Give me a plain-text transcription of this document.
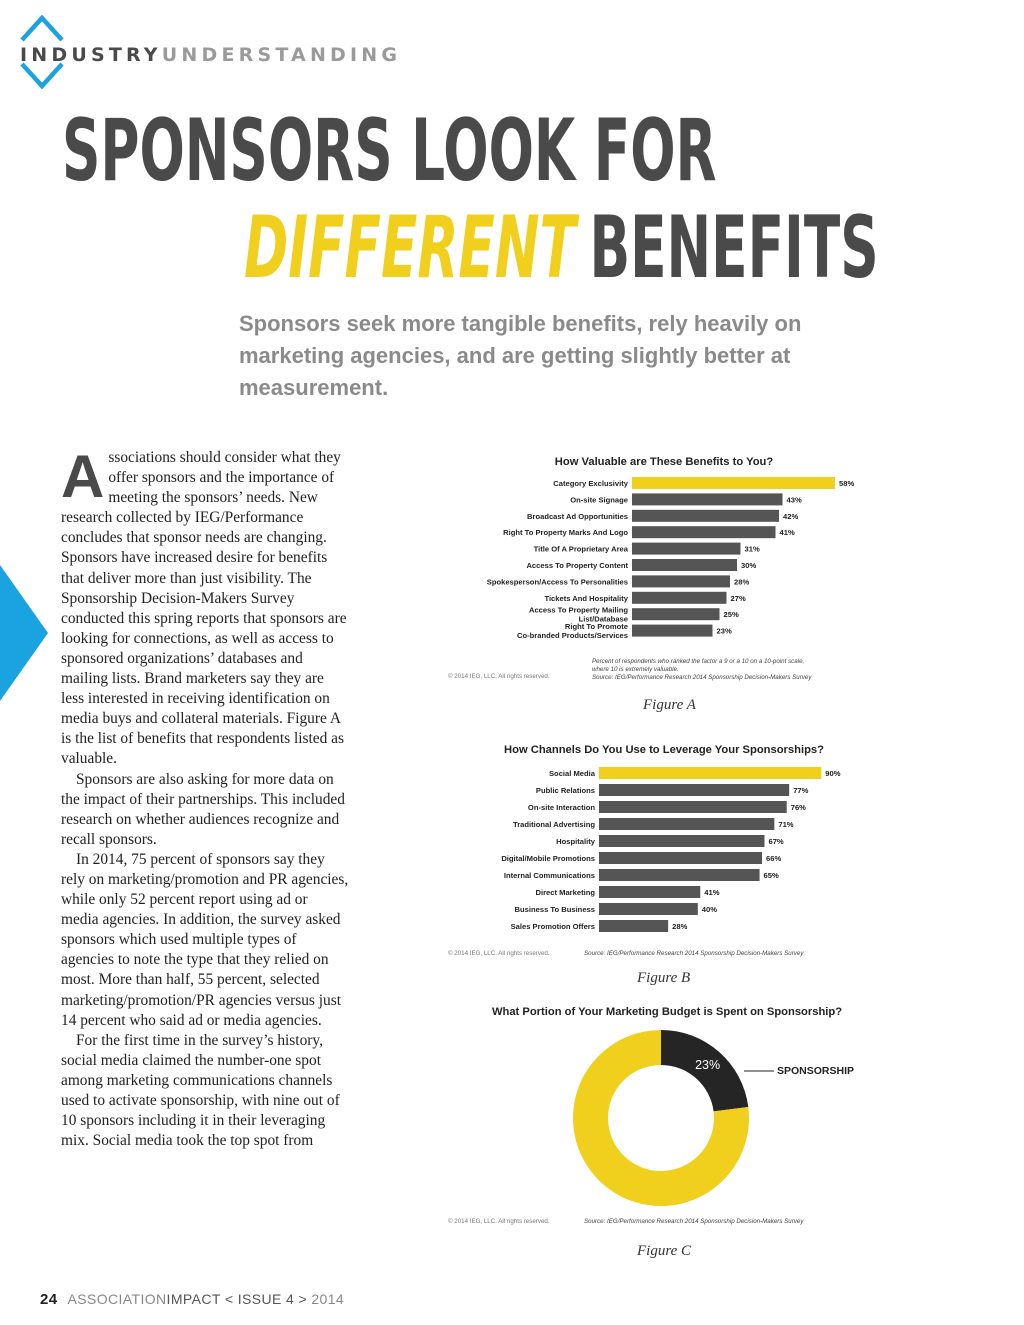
INDUSTRYUNDERSTANDING
SPONSORS LOOK FOR
DIFFERENT BENEFITS
Sponsors seek more tangible benefits, rely heavily on marketing agencies, and are getting slightly better at measurement.

Associations should consider what they offer sponsors and the importance of meeting the sponsors’ needs. New research collected by IEG/Performance concludes that sponsor needs are changing. Sponsors have increased desire for benefits that deliver more than just visibility. The Sponsorship Decision-Makers Survey conducted this spring reports that sponsors are looking for connections, as well as access to sponsored organizations’ databases and mailing lists. Brand marketers say they are less interested in receiving identification on media buys and collateral materials. Figure A is the list of benefits that respondents listed as valuable.

Sponsors are also asking for more data on the impact of their partnerships. This included research on whether audiences recognize and recall sponsors.

In 2014, 75 percent of sponsors say they rely on marketing/promotion and PR agencies, while only 52 percent report using ad or media agencies. In addition, the survey asked sponsors which used multiple types of agencies to note the type that they relied on most. More than half, 55 percent, selected marketing/promotion/PR agencies versus just 14 percent who said ad or media agencies.

For the first time in the survey’s history, social media claimed the number-one spot among marketing communications channels used to activate sponsorship, with nine out of 10 sponsors including it in their leveraging mix. Social media took the top spot from

How Valuable are These Benefits to You?
Category Exclusivity	58%
On-site Signage	43%
Broadcast Ad Opportunities	42%
Right To Property Marks And Logo	41%
Title Of A Proprietary Area	31%
Access To Property Content	30%
Spokesperson/Access To Personalities	28%
Tickets And Hospitality	27%
Access To Property Mailing
List/Database	25%
Right To Promote
Co-branded Products/Services	23%
Percent of respondents who ranked the factor a 9 or a 10 on a 10-point scale,
where 10 is extremely valuable.
Source: IEG/Performance Research 2014 Sponsorship Decision-Makers Survey
© 2014 IEG, LLC. All rights reserved.
Figure A
How Channels Do You Use to Leverage Your Sponsorships?
Social Media	90%
Public Relations	77%
On-site Interaction	76%
Traditional Advertising	71%
Hospitality	67%
Digital/Mobile Promotions	66%
Internal Communications	65%
Direct Marketing	41%
Business To Business	40%
Sales Promotion Offers	28%
© 2014 IEG, LLC. All rights reserved.	Source: IEG/Performance Research 2014 Sponsorship Decision-Makers Survey
Figure B
What Portion of Your Marketing Budget is Spent on Sponsorship?
23%	SPONSORSHIP
© 2014 IEG, LLC. All rights reserved.	Source: IEG/Performance Research 2014 Sponsorship Decision-Makers Survey
Figure C
24 ASSOCIATIONIMPACT < ISSUE 4 > 2014
